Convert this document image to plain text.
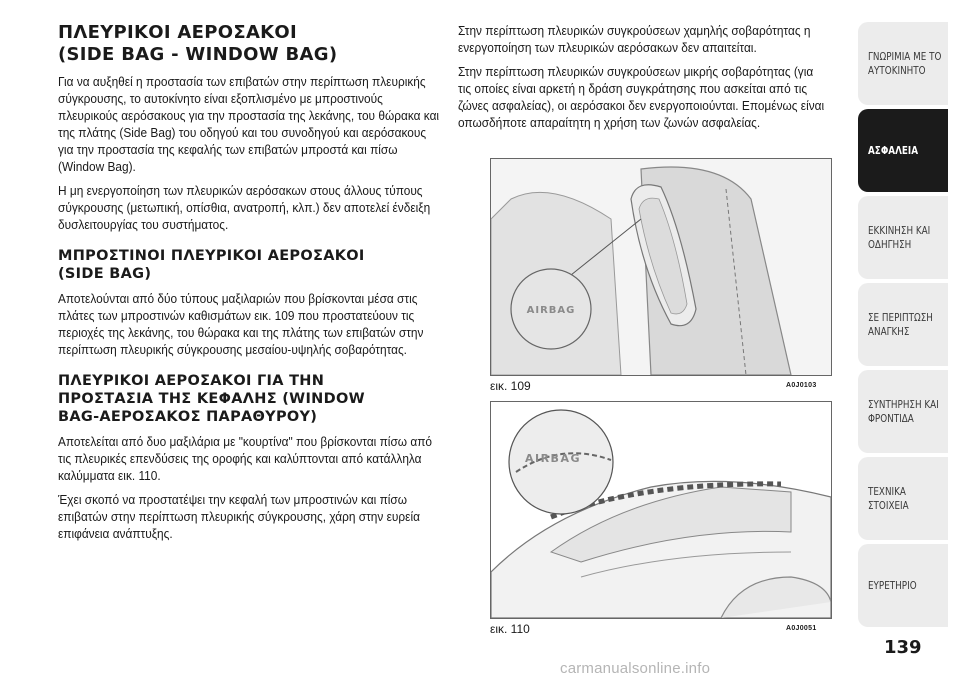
ΠΛΕΥΡΙΚΟΙ ΑΕΡΟΣΑΚΟΙ
(SIDE BAG - WINDOW BAG)

Για να αυξηθεί η προστασία των επιβατών στην περίπτωση πλευρικής σύγκρουσης, το αυτοκίνητο είναι εξοπλισμένο με μπροστινούς πλευρικούς αερόσακους για την προστασία της λεκάνης, του θώρακα και της πλάτης (Side Bag) του οδηγού και του συνοδηγού και αερόσακους για την προστασία της κεφαλής των επιβατών μπροστά και πίσω (Window Bag).

Η μη ενεργοποίηση των πλευρικών αερόσακων στους άλλους τύπους σύγκρουσης (μετωπική, οπίσθια, ανατροπή, κλπ.) δεν αποτελεί ένδειξη δυσλειτουργίας του συστήματος.

ΜΠΡΟΣΤΙΝΟΙ ΠΛΕΥΡΙΚΟΙ ΑΕΡΟΣΑΚΟΙ
(SIDE BAG)

Αποτελούνται από δύο τύπους μαξιλαριών που βρίσκονται μέσα στις πλάτες των μπροστινών καθισμάτων εικ. 109 που προστατεύουν τις περιοχές της λεκάνης, του θώρακα και της πλάτης των επιβατών στην περίπτωση πλευρικής σύγκρουσης μεσαίου-υψηλής σοβαρότητας.

ΠΛΕΥΡΙΚΟΙ ΑΕΡΟΣΑΚΟΙ ΓΙΑ ΤΗΝ
ΠΡΟΣΤΑΣΙΑ ΤΗΣ ΚΕΦΑΛΗΣ (WINDOW
BAG-ΑΕΡΟΣΑΚΟΣ ΠΑΡΑΘΥΡΟΥ)

Αποτελείται από δυο μαξιλάρια με "κουρτίνα" που βρίσκονται πίσω από τις πλευρικές επενδύσεις της οροφής και καλύπτονται από κατάλληλα καλύμματα εικ. 110.

Έχει σκοπό να προστατέψει την κεφαλή των μπροστινών και πίσω επιβατών στην περίπτωση πλευρικής σύγκρουσης, χάρη στην ευρεία επιφάνεια ανάπτυξης.

Στην περίπτωση πλευρικών συγκρούσεων χαμηλής σοβαρότητας η ενεργοποίηση των πλευρικών αερόσακων δεν απαιτείται.

Στην περίπτωση πλευρικών συγκρούσεων μικρής σοβαρότητας (για τις οποίες είναι αρκετή η δράση συγκράτησης που ασκείται από τις ζώνες ασφαλείας), οι αερόσακοι δεν ενεργοποιούνται. Επομένως είναι οπωσδήποτε απαραίτητη η χρήση των ζωνών ασφαλείας.

AIRBAG
εικ. 109	A0J0103
AIRBAG
εικ. 110	A0J0051
ΓΝΩΡΙΜΙΑ ΜΕ ΤΟ
ΑΥΤΟΚΙΝΗΤΟ
ΑΣΦΑΛΕΙΑ
ΕΚΚΙΝΗΣΗ ΚΑΙ
ΟΔΗΓΗΣΗ
ΣΕ ΠΕΡΙΠΤΩΣΗ
ΑΝΑΓΚΗΣ
ΣΥΝΤΗΡΗΣΗ ΚΑΙ
ΦΡΟΝΤΙΔΑ
ΤΕΧΝΙΚΑ ΣΤΟΙΧΕΙΑ
ΕΥΡΕΤΗΡΙΟ
139
carmanualsonline.info
